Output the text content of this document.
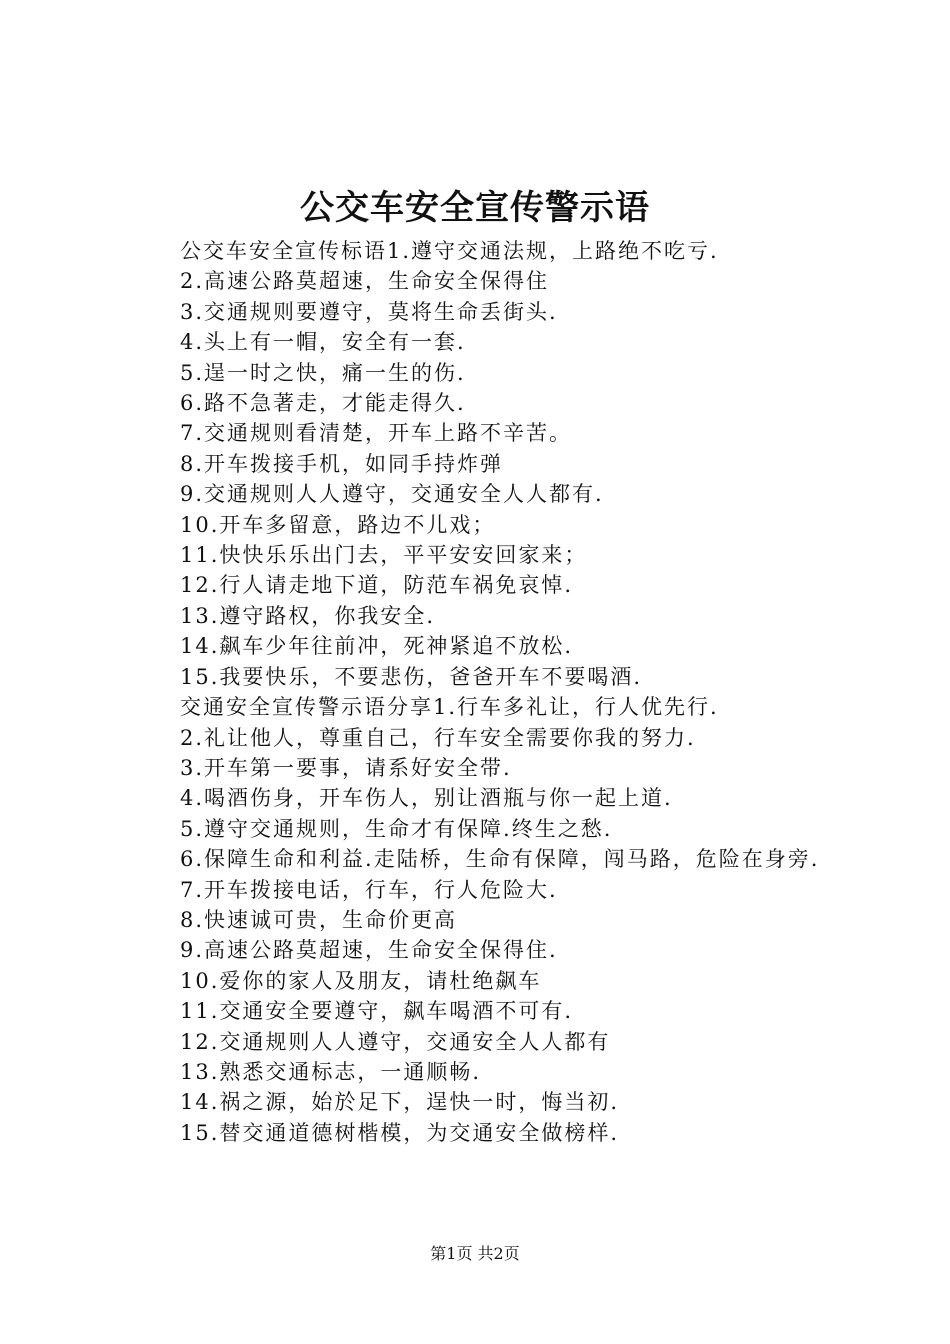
公交车安全宣传警示语

公交车安全宣传标语1.遵守交通法规，上路绝不吃亏.

2.高速公路莫超速，生命安全保得住

3.交通规则要遵守，莫将生命丢街头.

4.头上有一帽，安全有一套.

5.逞一时之快，痛一生的伤.

6.路不急著走，才能走得久.

7.交通规则看清楚，开车上路不辛苦。

8.开车拨接手机，如同手持炸弹

9.交通规则人人遵守，交通安全人人都有.

10.开车多留意，路边不儿戏；

11.快快乐乐出门去，平平安安回家来；

12.行人请走地下道，防范车祸免哀悼.

13.遵守路权，你我安全.

14.飙车少年往前冲，死神紧追不放松.

15.我要快乐，不要悲伤，爸爸开车不要喝酒.

交通安全宣传警示语分享1.行车多礼让，行人优先行.

2.礼让他人，尊重自己，行车安全需要你我的努力.

3.开车第一要事，请系好安全带.

4.喝酒伤身，开车伤人，别让酒瓶与你一起上道.

5.遵守交通规则，生命才有保障.终生之愁.

6.保障生命和利益.走陆桥，生命有保障，闯马路，危险在身旁.

7.开车拨接电话，行车，行人危险大.

8.快速诚可贵，生命价更高

9.高速公路莫超速，生命安全保得住.

10.爱你的家人及朋友，请杜绝飙车

11.交通安全要遵守，飙车喝酒不可有.

12.交通规则人人遵守，交通安全人人都有

13.熟悉交通标志，一通顺畅.

14.祸之源，始於足下，逞快一时，悔当初.

15.替交通道德树楷模，为交通安全做榜样.

第1页 共2页
